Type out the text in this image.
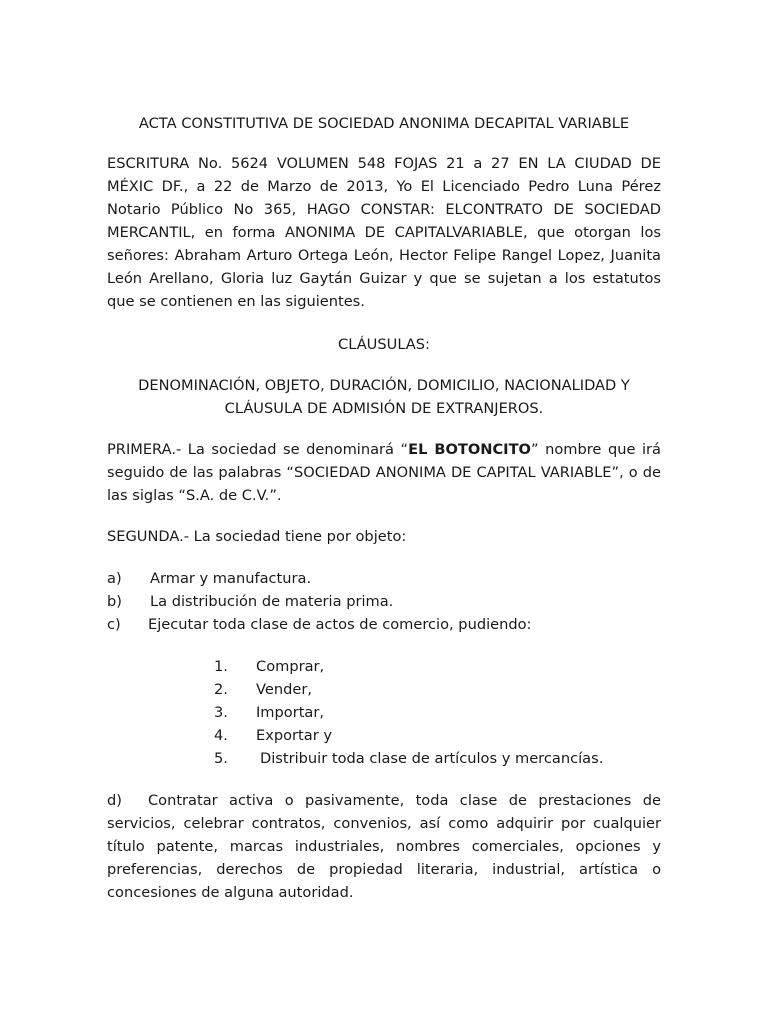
ACTA CONSTITUTIVA DE SOCIEDAD ANONIMA DECAPITAL VARIABLE
ESCRITURA No. 5624 VOLUMEN 548 FOJAS 21 a 27 EN LA CIUDAD DE MÉXIC DF., a 22 de Marzo de 2013, Yo El Licenciado Pedro Luna Pérez Notario Público No 365, HAGO CONSTAR: ELCONTRATO DE SOCIEDAD MERCANTIL, en forma ANONIMA DE CAPITALVARIABLE, que otorgan los señores: Abraham Arturo Ortega León, Hector Felipe Rangel Lopez, Juanita León Arellano, Gloria luz Gaytán Guizar y que se sujetan a los estatutos que se contienen en las siguientes.
CLÁUSULAS:
DENOMINACIÓN, OBJETO, DURACIÓN, DOMICILIO, NACIONALIDAD Y CLÁUSULA DE ADMISIÓN DE EXTRANJEROS.
PRIMERA.- La sociedad se denominará “EL BOTONCITO” nombre que irá seguido de las palabras “SOCIEDAD ANONIMA DE CAPITAL VARIABLE”, o de las siglas “S.A. de C.V.”.
SEGUNDA.- La sociedad tiene por objeto:
a) Armar y manufactura.
b) La distribución de materia prima.
c) Ejecutar toda clase de actos de comercio, pudiendo:
1. Comprar,
2. Vender,
3. Importar,
4. Exportar y
5. Distribuir toda clase de artículos y mercancías.
d) Contratar activa o pasivamente, toda clase de prestaciones de servicios, celebrar contratos, convenios, así como adquirir por cualquier título patente, marcas industriales, nombres comerciales, opciones y preferencias, derechos de propiedad literaria, industrial, artística o concesiones de alguna autoridad.
